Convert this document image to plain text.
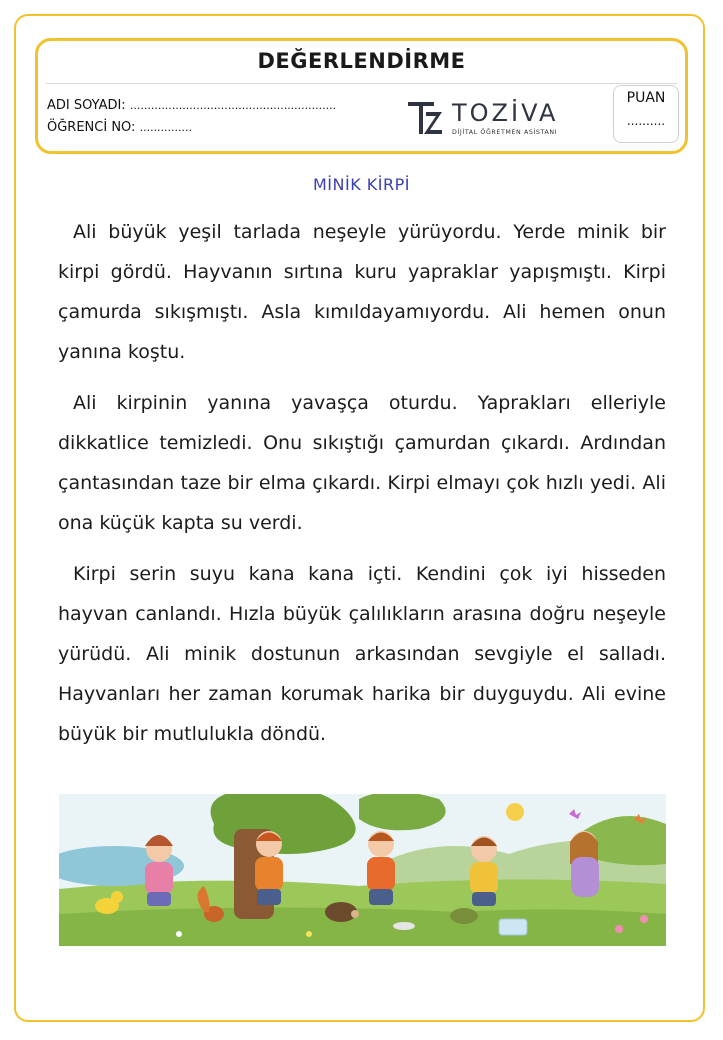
DEĞERLENDİRME
ADI SOYADI: ...........................................................
ÖĞRENCİ NO: ...............
TOZİVA
DİJİTAL ÖĞRETMEN ASİSTANI
PUAN
..........
MİNİK KİRPİ

Ali büyük yeşil tarlada neşeyle yürüyordu. Yerde minik bir kirpi gördü. Hayvanın sırtına kuru yapraklar yapışmıştı. Kirpi çamurda sıkışmıştı. Asla kımıldayamıyordu. Ali hemen onun yanına koştu.

Ali kirpinin yanına yavaşça oturdu. Yaprakları elleriyle dikkatlice temizledi. Onu sıkıştığı çamurdan çıkardı. Ardından çantasından taze bir elma çıkardı. Kirpi elmayı çok hızlı yedi. Ali ona küçük kapta su verdi.

Kirpi serin suyu kana kana içti. Kendini çok iyi hisseden hayvan canlandı. Hızla büyük çalılıkların arasına doğru neşeyle yürüdü. Ali minik dostunun arkasından sevgiyle el salladı. Hayvanları her zaman korumak harika bir duyguydu. Ali evine büyük bir mutlulukla döndü.
